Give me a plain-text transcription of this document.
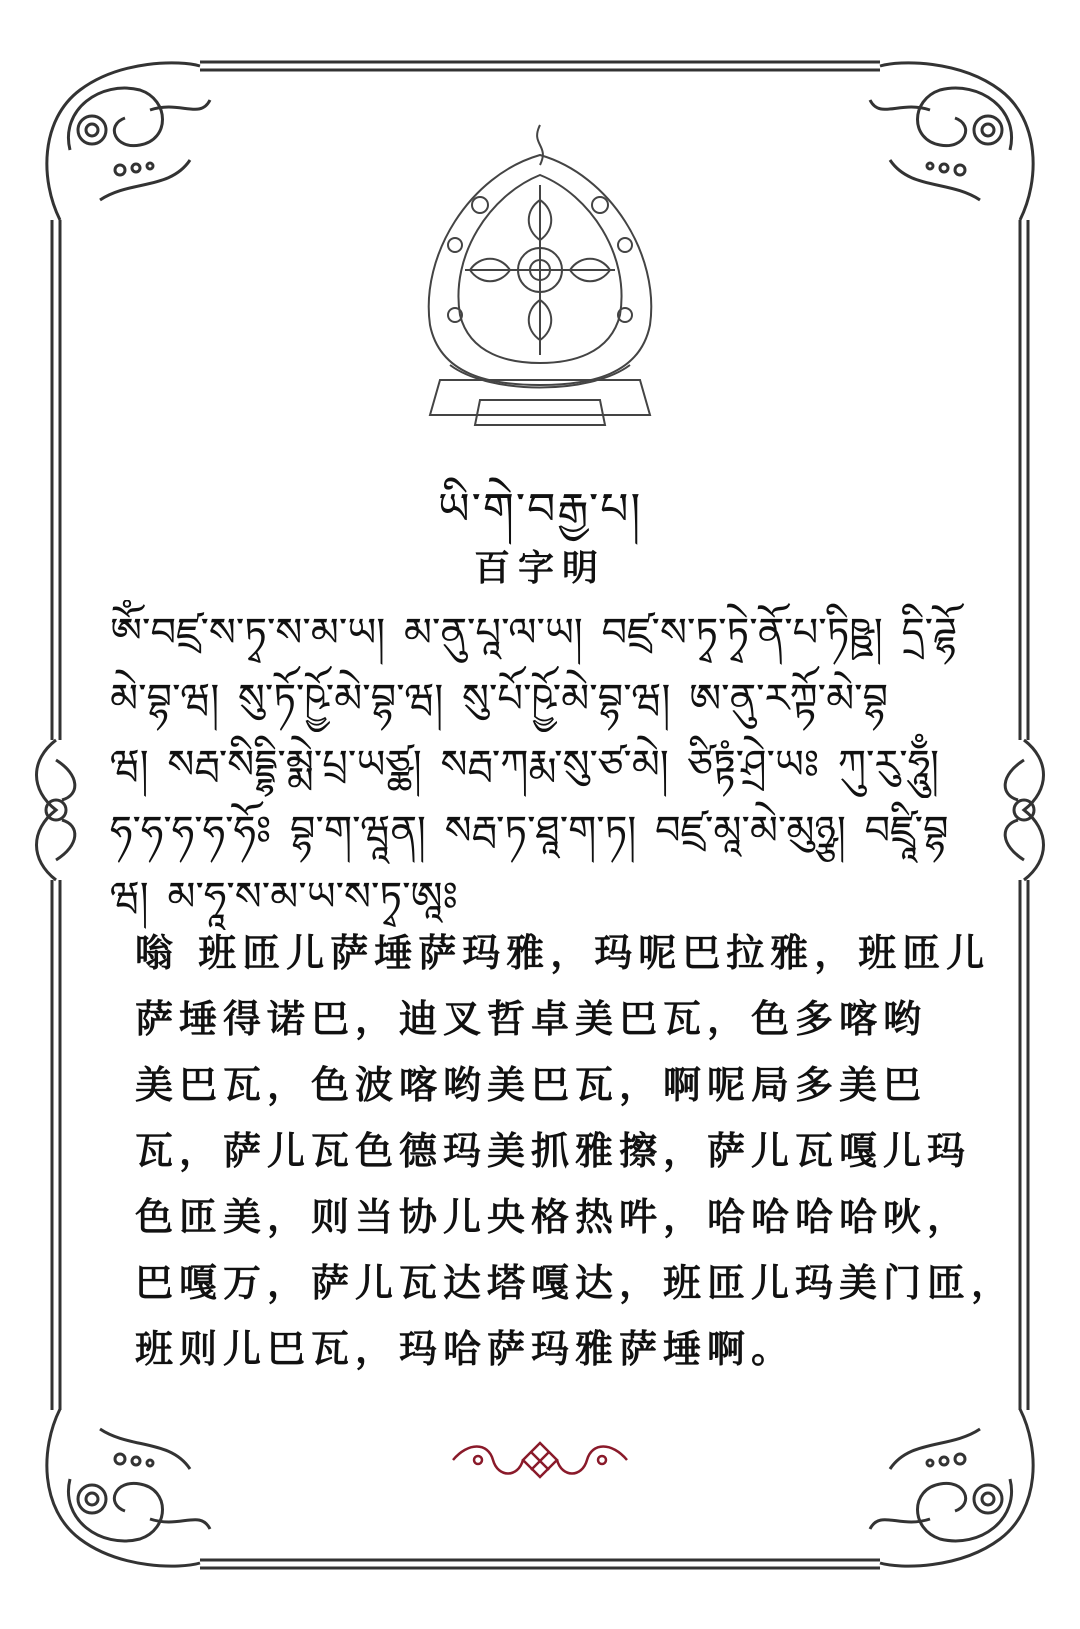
ཡི་གེ་བརྒྱ་པ།
百字明
ཨོཾ་བཛྲ་ས་ཏྭ་ས་མ་ཡ། མ་ནུ་པཱ་ལ་ཡ། བཛྲ་ས་ཏྭ་ཏྭེ་ནོ་པ་ཏིཥྛ། དྲི་ཌྷོ
མེ་བྷ་ཝ། སུ་ཏོ་ཥྱོ་མེ་བྷ་ཝ། སུ་པོ་ཥྱོ་མེ་བྷ་ཝ། ཨ་ནུ་རཀྟོ་མེ་བྷ
ཝ། སརྦ་སིདྡྷི་མྨེ་པྲ་ཡཙྪ། སརྦ་ཀརྨ་སུ་ཙ་མེ། ཙིཏྟཾ་ཤྲེ་ཡཿ ཀུ་རུ་ཧཱུྃ།
ཧ་ཧ་ཧ་ཧ་ཧོཿ བྷ་ག་ཝཱན། སརྦ་ཏ་ཐཱ་ག་ཏ། བཛྲ་མཱ་མེ་མུཉྩ། བཛྲཱི་བྷ
ཝ། མ་ཧཱ་ས་མ་ཡ་ས་ཏྭ་ཨཱཿ
嗡 班匝儿萨埵萨玛雅，玛呢巴拉雅，班匝儿
萨埵得诺巴，迪叉哲卓美巴瓦，色多喀哟
美巴瓦，色波喀哟美巴瓦，啊呢局多美巴
瓦，萨儿瓦色德玛美抓雅擦，萨儿瓦嘎儿玛
色匝美，则当协儿央格热吽，哈哈哈哈吙，
巴嘎万，萨儿瓦达塔嘎达，班匝儿玛美门匝，
班则儿巴瓦，玛哈萨玛雅萨埵啊。
